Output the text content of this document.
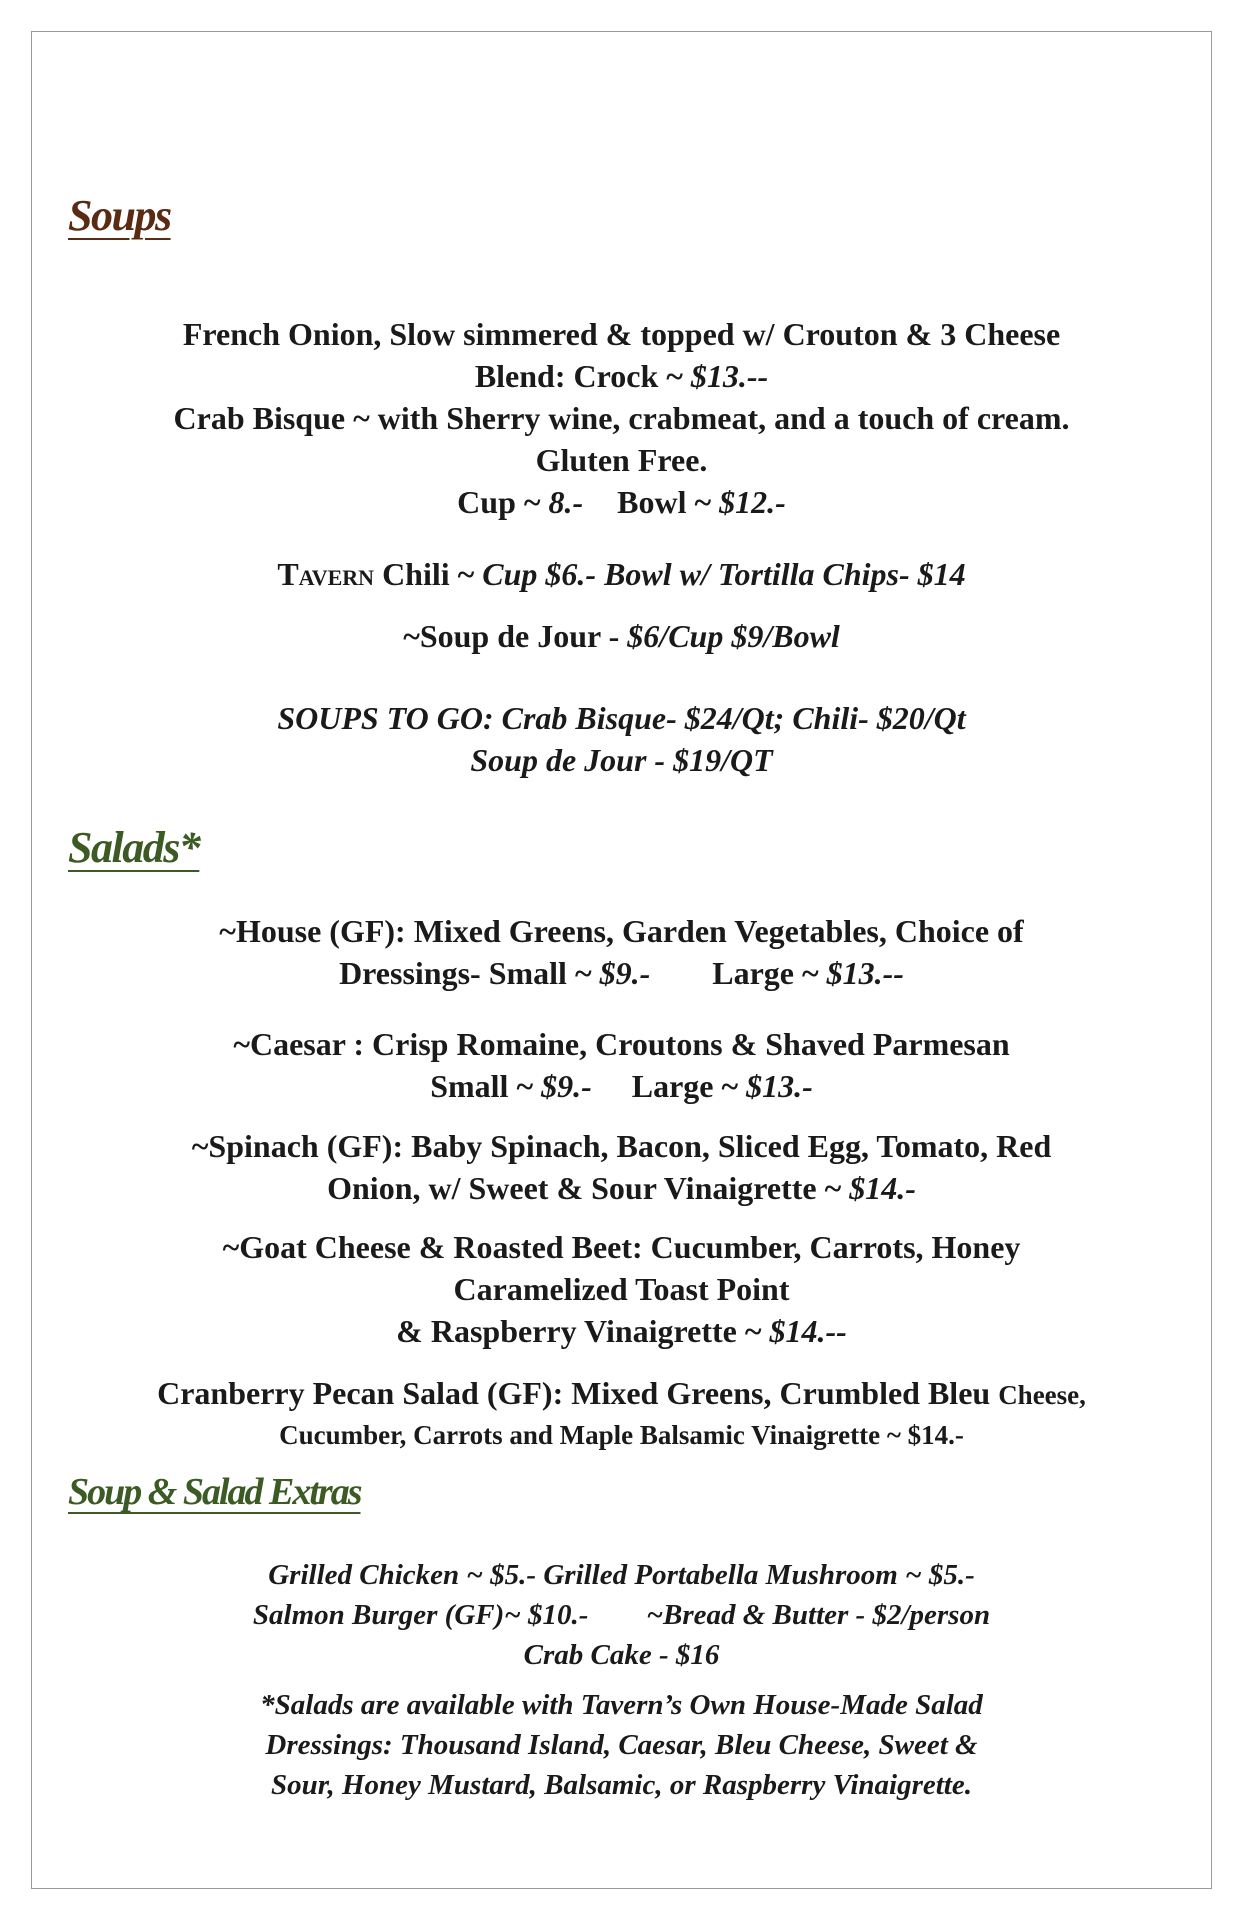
Soups
French Onion, Slow simmered & topped w/ Crouton & 3 Cheese
Blend: Crock ~ $13.--
Crab Bisque ~ with Sherry wine, crabmeat, and a touch of cream.
Gluten Free.
Cup ~ 8.- Bowl ~ $12.-
Tavern Chili ~ Cup $6.- Bowl w/ Tortilla Chips- $14
~Soup de Jour - $6/Cup $9/Bowl
SOUPS TO GO: Crab Bisque- $24/Qt; Chili- $20/Qt
Soup de Jour - $19/QT
Salads*
~House (GF): Mixed Greens, Garden Vegetables, Choice of
Dressings- Small ~ $9.- Large ~ $13.--
~Caesar : Crisp Romaine, Croutons & Shaved Parmesan
Small ~ $9.- Large ~ $13.-
~Spinach (GF): Baby Spinach, Bacon, Sliced Egg, Tomato, Red
Onion, w/ Sweet & Sour Vinaigrette ~ $14.-
~Goat Cheese & Roasted Beet: Cucumber, Carrots, Honey
Caramelized Toast Point
& Raspberry Vinaigrette ~ $14.--
Cranberry Pecan Salad (GF): Mixed Greens, Crumbled Bleu Cheese,
Cucumber, Carrots and Maple Balsamic Vinaigrette ~ $14.-
Soup & Salad Extras
Grilled Chicken ~ $5.- Grilled Portabella Mushroom ~ $5.-
Salmon Burger (GF)~ $10.- ~Bread & Butter - $2/person
Crab Cake - $16
*Salads are available with Tavern’s Own House-Made Salad
Dressings: Thousand Island, Caesar, Bleu Cheese, Sweet &
Sour, Honey Mustard, Balsamic, or Raspberry Vinaigrette.
